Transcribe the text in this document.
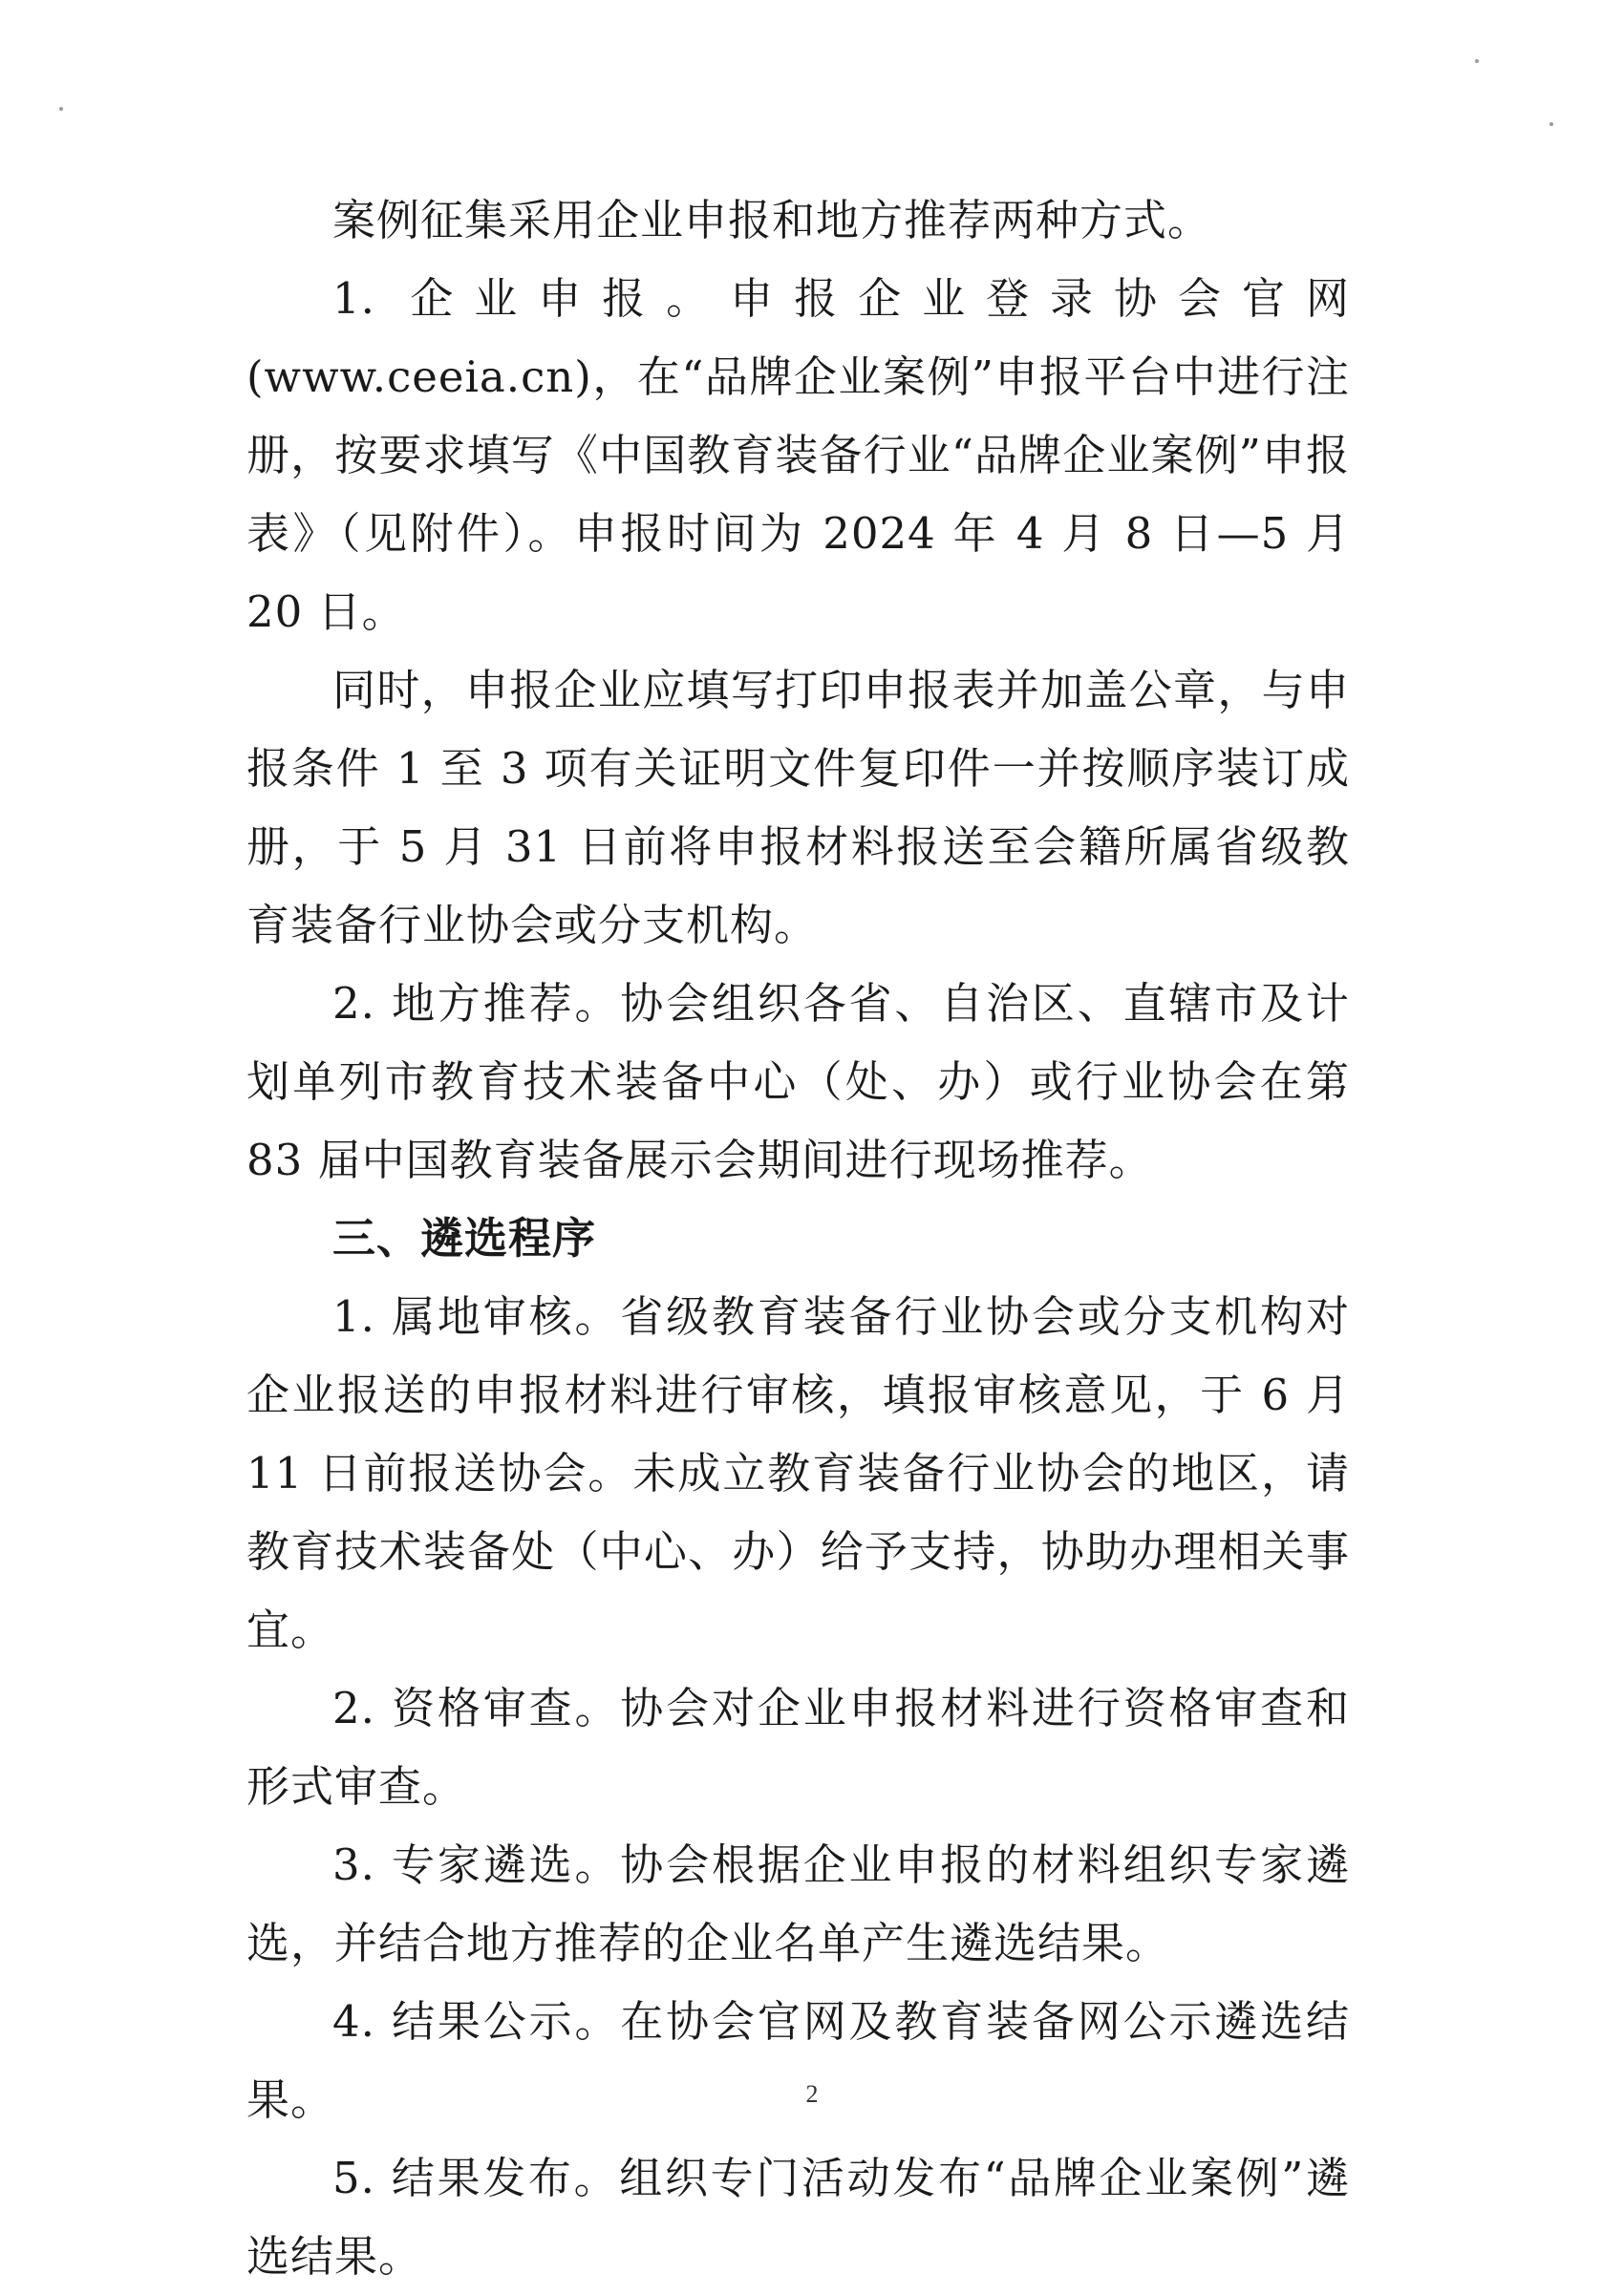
案例征集采用企业申报和地方推荐两种方式。

1. 企业申报。申报企业登录协会官网(www.ceeia.cn)，在“品牌企业案例”申报平台中进行注册，按要求填写《中国教育装备行业“品牌企业案例”申报表》（见附件）。申报时间为 2024 年 4 月 8 日—5 月 20 日。

同时，申报企业应填写打印申报表并加盖公章，与申报条件 1 至 3 项有关证明文件复印件一并按顺序装订成册，于 5 月 31 日前将申报材料报送至会籍所属省级教育装备行业协会或分支机构。

2. 地方推荐。协会组织各省、自治区、直辖市及计划单列市教育技术装备中心（处、办）或行业协会在第 83 届中国教育装备展示会期间进行现场推荐。

三、遴选程序

1. 属地审核。省级教育装备行业协会或分支机构对企业报送的申报材料进行审核，填报审核意见，于 6 月 11 日前报送协会。未成立教育装备行业协会的地区，请教育技术装备处（中心、办）给予支持，协助办理相关事宜。

2. 资格审查。协会对企业申报材料进行资格审查和形式审查。

3. 专家遴选。协会根据企业申报的材料组织专家遴选，并结合地方推荐的企业名单产生遴选结果。

4. 结果公示。在协会官网及教育装备网公示遴选结果。

5. 结果发布。组织专门活动发布“品牌企业案例”遴选结果。

2
